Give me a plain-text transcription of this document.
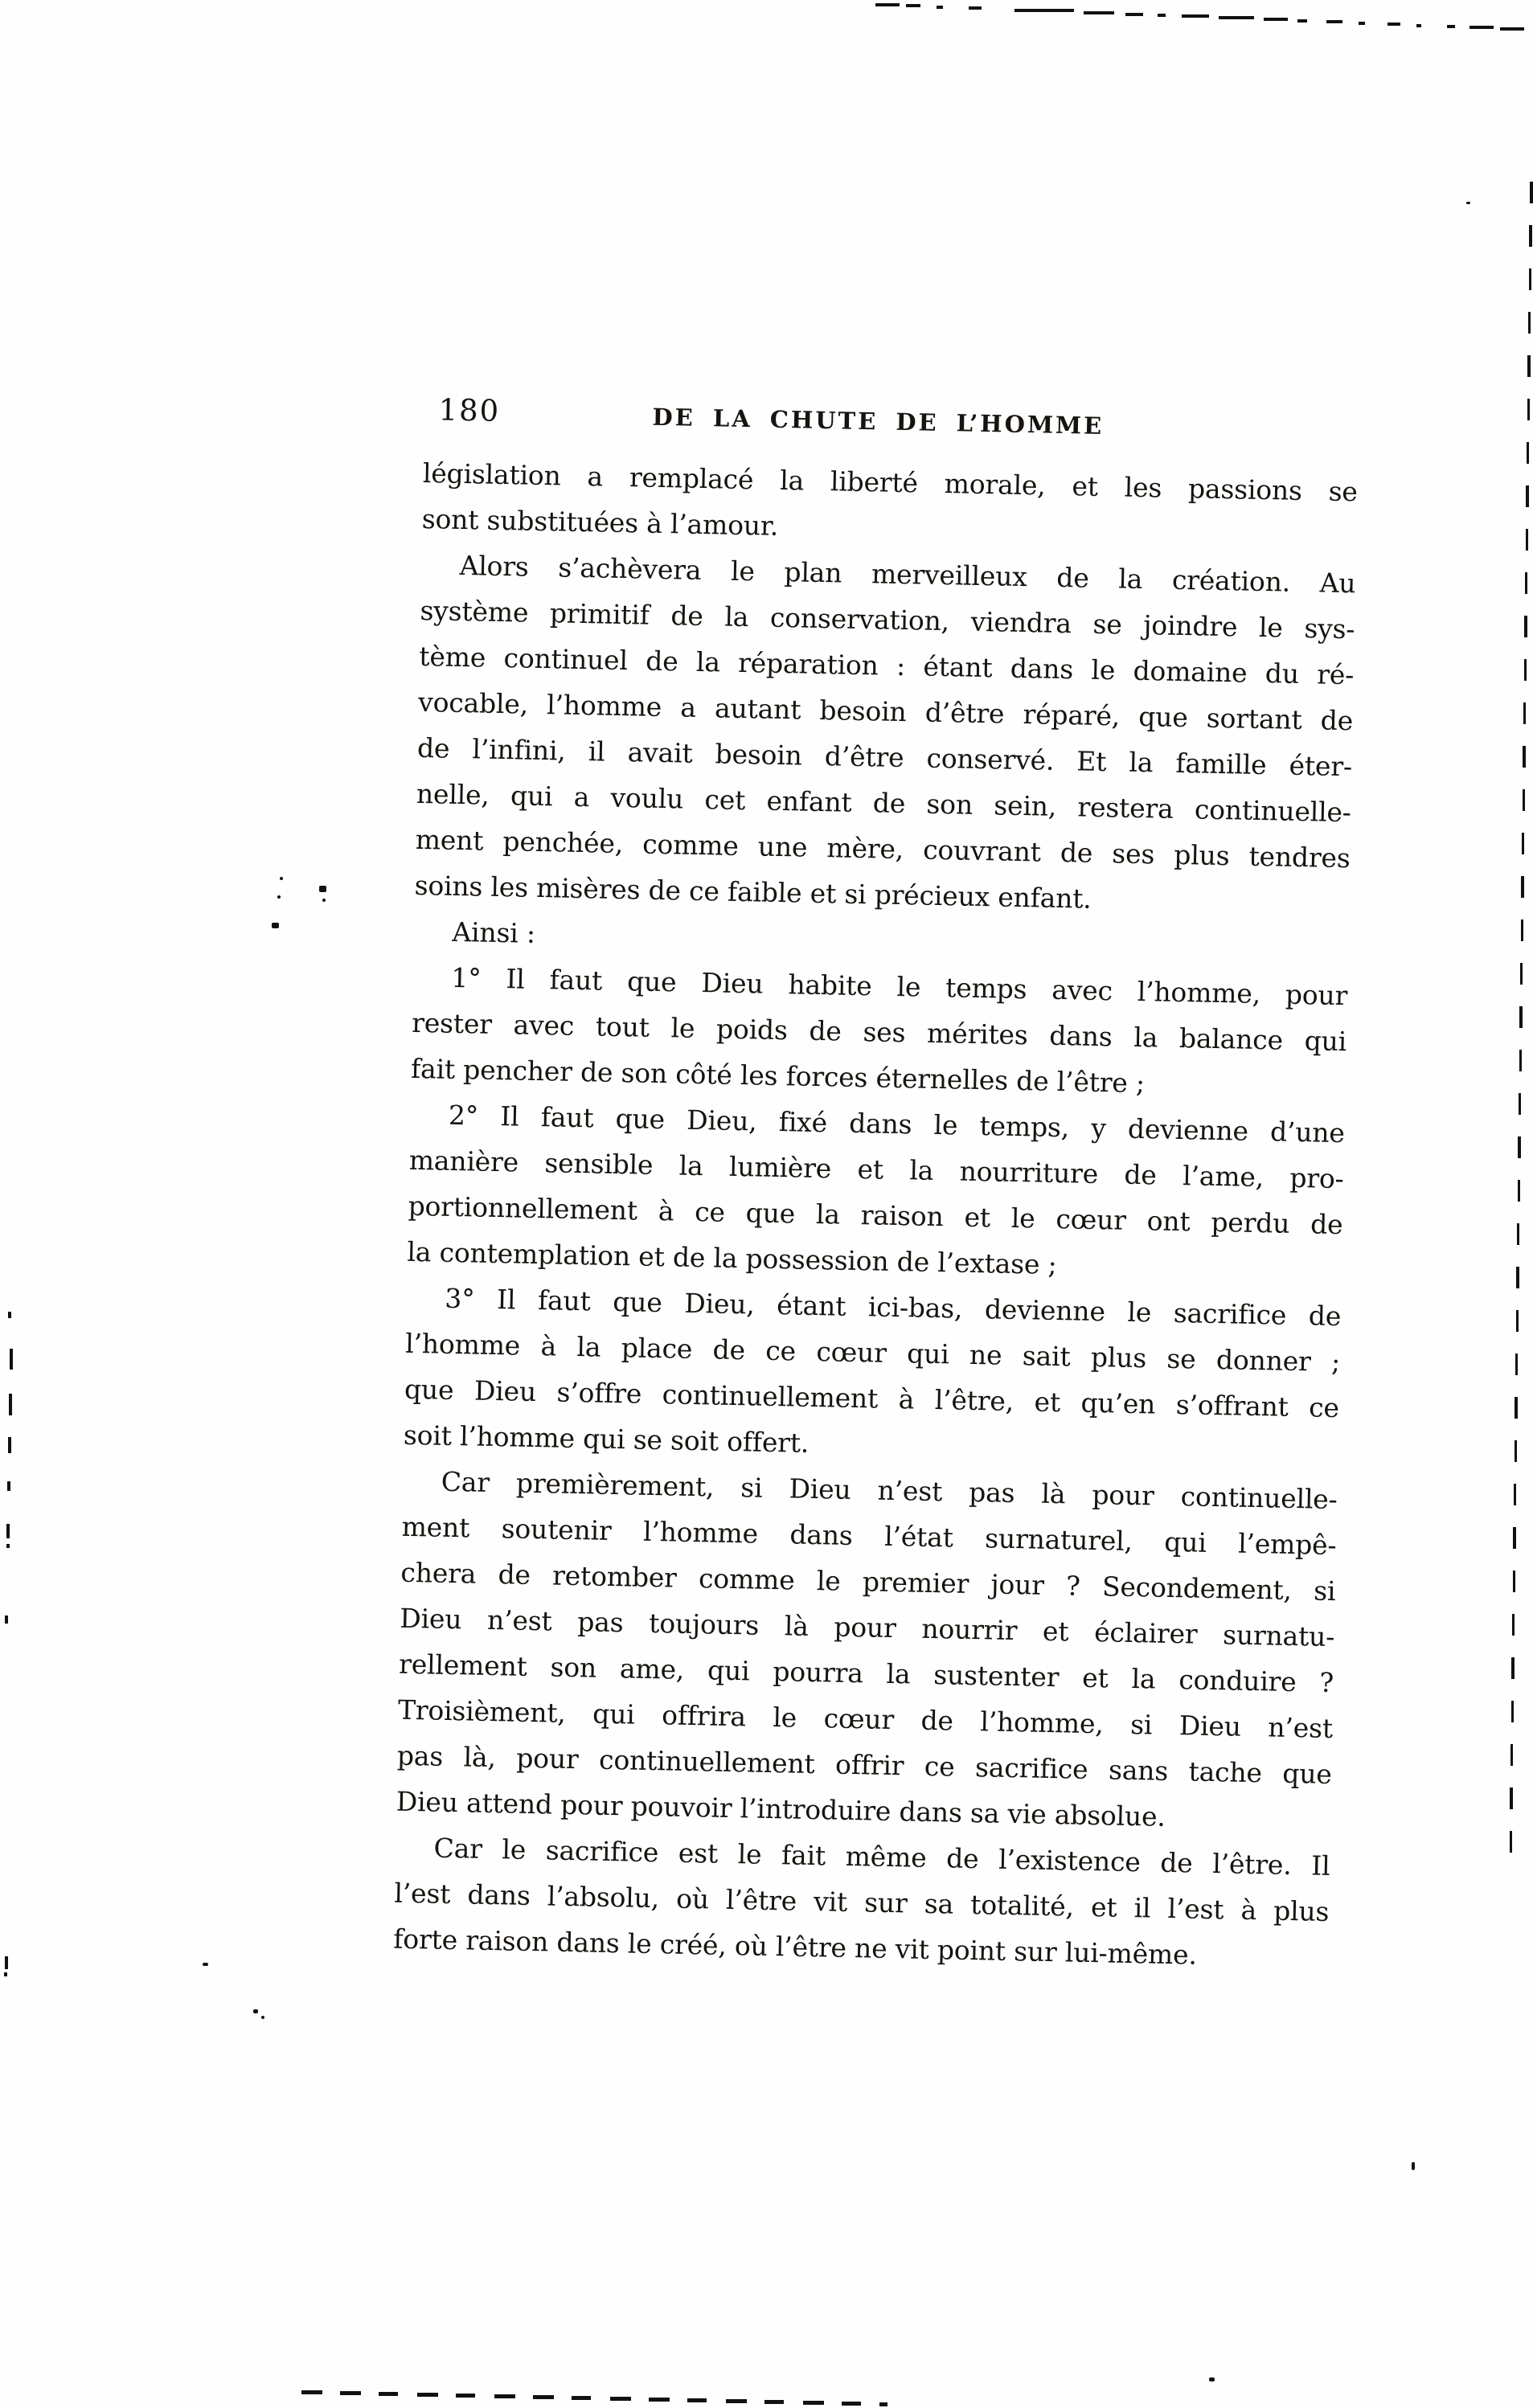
180	DE LA CHUTE DE L’HOMME
législation a remplacé la liberté morale, et les passions se
sont substituées à l’amour.
Alors s’achèvera le plan merveilleux de la création. Au
système primitif de la conservation, viendra se joindre le sys-
tème continuel de la réparation : étant dans le domaine du ré-
vocable, l’homme a autant besoin d’être réparé, que sortant de
de l’infini, il avait besoin d’être conservé. Et la famille éter-
nelle, qui a voulu cet enfant de son sein, restera continuelle-
ment penchée, comme une mère, couvrant de ses plus tendres
soins les misères de ce faible et si précieux enfant.
Ainsi :
1° Il faut que Dieu habite le temps avec l’homme, pour
rester avec tout le poids de ses mérites dans la balance qui
fait pencher de son côté les forces éternelles de l’être ;
2° Il faut que Dieu, fixé dans le temps, y devienne d’une
manière sensible la lumière et la nourriture de l’ame, pro-
portionnellement à ce que la raison et le cœur ont perdu de
la contemplation et de la possession de l’extase ;
3° Il faut que Dieu, étant ici-bas, devienne le sacrifice de
l’homme à la place de ce cœur qui ne sait plus se donner ;
que Dieu s’offre continuellement à l’être, et qu’en s’offrant ce
soit l’homme qui se soit offert.
Car premièrement, si Dieu n’est pas là pour continuelle-
ment soutenir l’homme dans l’état surnaturel, qui l’empê-
chera de retomber comme le premier jour ? Secondement, si
Dieu n’est pas toujours là pour nourrir et éclairer surnatu-
rellement son ame, qui pourra la sustenter et la conduire ?
Troisièment, qui offrira le cœur de l’homme, si Dieu n’est
pas là, pour continuellement offrir ce sacrifice sans tache que
Dieu attend pour pouvoir l’introduire dans sa vie absolue.
Car le sacrifice est le fait même de l’existence de l’être. Il
l’est dans l’absolu, où l’être vit sur sa totalité, et il l’est à plus
forte raison dans le créé, où l’être ne vit point sur lui-même.
